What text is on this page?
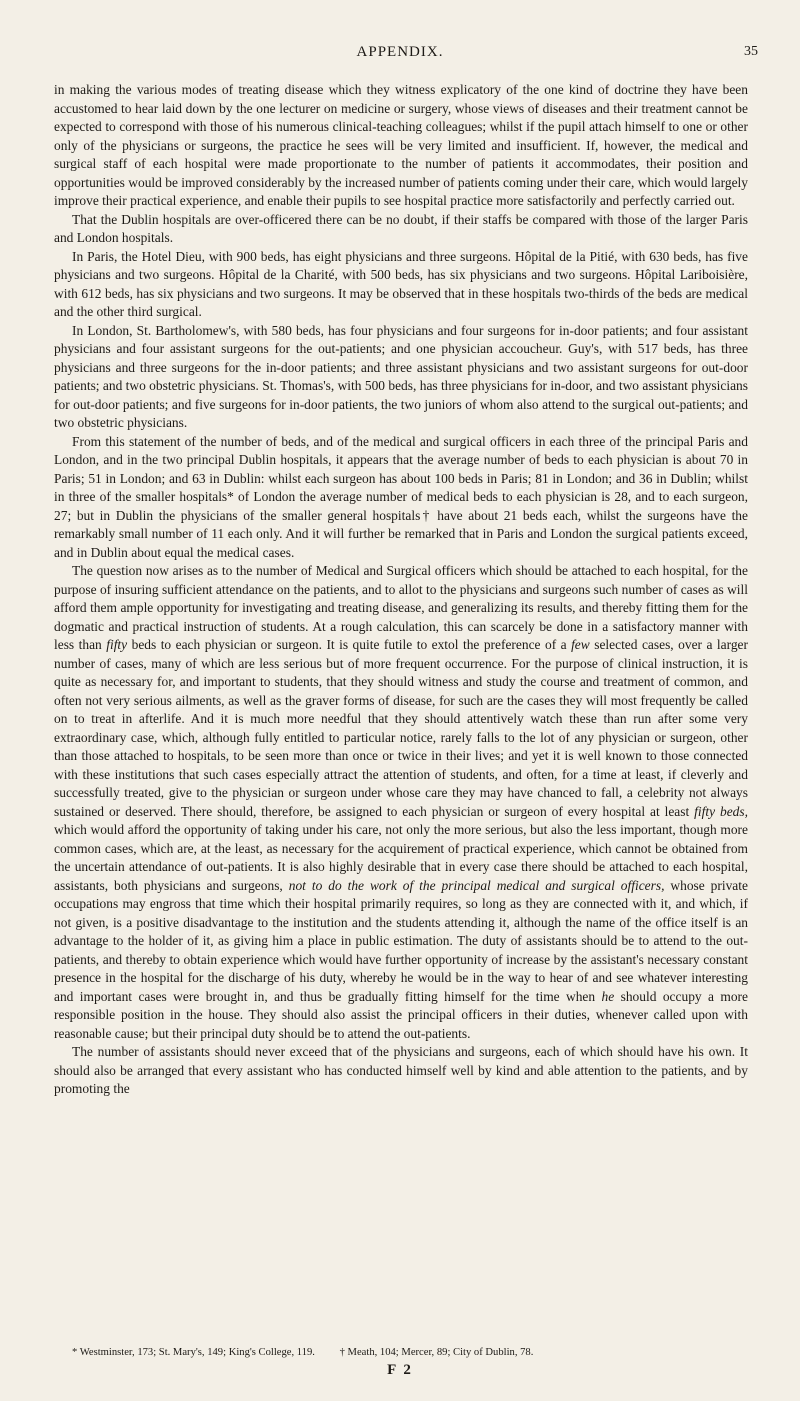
APPENDIX.	35

in making the various modes of treating disease which they witness explicatory of the one kind of doctrine they have been accustomed to hear laid down by the one lecturer on medicine or surgery, whose views of diseases and their treatment cannot be expected to correspond with those of his numerous clinical-teaching colleagues; whilst if the pupil attach himself to one or other only of the physicians or surgeons, the practice he sees will be very limited and insufficient. If, however, the medical and surgical staff of each hospital were made proportionate to the number of patients it accommodates, their position and opportunities would be improved considerably by the increased number of patients coming under their care, which would largely improve their practical experience, and enable their pupils to see hospital practice more satisfactorily and perfectly carried out.

That the Dublin hospitals are over-officered there can be no doubt, if their staffs be compared with those of the larger Paris and London hospitals.

In Paris, the Hotel Dieu, with 900 beds, has eight physicians and three surgeons. Hôpital de la Pitié, with 630 beds, has five physicians and two surgeons. Hôpital de la Charité, with 500 beds, has six physicians and two surgeons. Hôpital Lariboisière, with 612 beds, has six physicians and two surgeons. It may be observed that in these hospitals two-thirds of the beds are medical and the other third surgical.

In London, St. Bartholomew's, with 580 beds, has four physicians and four surgeons for in-door patients; and four assistant physicians and four assistant surgeons for the out-patients; and one physician accoucheur. Guy's, with 517 beds, has three physicians and three surgeons for the in-door patients; and three assistant physicians and two assistant surgeons for out-door patients; and two obstetric physicians. St. Thomas's, with 500 beds, has three physicians for in-door, and two assistant physicians for out-door patients; and five surgeons for in-door patients, the two juniors of whom also attend to the surgical out-patients; and two obstetric physicians.

From this statement of the number of beds, and of the medical and surgical officers in each three of the principal Paris and London, and in the two principal Dublin hospitals, it appears that the average number of beds to each physician is about 70 in Paris; 51 in London; and 63 in Dublin: whilst each surgeon has about 100 beds in Paris; 81 in London; and 36 in Dublin; whilst in three of the smaller hospitals* of London the average number of medical beds to each physician is 28, and to each surgeon, 27; but in Dublin the physicians of the smaller general hospitals† have about 21 beds each, whilst the surgeons have the remarkably small number of 11 each only. And it will further be remarked that in Paris and London the surgical patients exceed, and in Dublin about equal the medical cases.

The question now arises as to the number of Medical and Surgical officers which should be attached to each hospital, for the purpose of insuring sufficient attendance on the patients, and to allot to the physicians and surgeons such number of cases as will afford them ample opportunity for investigating and treating disease, and generalizing its results, and thereby fitting them for the dogmatic and practical instruction of students. At a rough calculation, this can scarcely be done in a satisfactory manner with less than fifty beds to each physician or surgeon. It is quite futile to extol the preference of a few selected cases, over a larger number of cases, many of which are less serious but of more frequent occurrence. For the purpose of clinical instruction, it is quite as necessary for, and important to students, that they should witness and study the course and treatment of common, and often not very serious ailments, as well as the graver forms of disease, for such are the cases they will most frequently be called on to treat in afterlife. And it is much more needful that they should attentively watch these than run after some very extraordinary case, which, although fully entitled to particular notice, rarely falls to the lot of any physician or surgeon, other than those attached to hospitals, to be seen more than once or twice in their lives; and yet it is well known to those connected with these institutions that such cases especially attract the attention of students, and often, for a time at least, if cleverly and successfully treated, give to the physician or surgeon under whose care they may have chanced to fall, a celebrity not always sustained or deserved. There should, therefore, be assigned to each physician or surgeon of every hospital at least fifty beds, which would afford the opportunity of taking under his care, not only the more serious, but also the less important, though more common cases, which are, at the least, as necessary for the acquirement of practical experience, which cannot be obtained from the uncertain attendance of out-patients. It is also highly desirable that in every case there should be attached to each hospital, assistants, both physicians and surgeons, not to do the work of the principal medical and surgical officers, whose private occupations may engross that time which their hospital primarily requires, so long as they are connected with it, and which, if not given, is a positive disadvantage to the institution and the students attending it, although the name of the office itself is an advantage to the holder of it, as giving him a place in public estimation. The duty of assistants should be to attend to the out-patients, and thereby to obtain experience which would have further opportunity of increase by the assistant's necessary constant presence in the hospital for the discharge of his duty, whereby he would be in the way to hear of and see whatever interesting and important cases were brought in, and thus be gradually fitting himself for the time when he should occupy a more responsible position in the house. They should also assist the principal officers in their duties, whenever called upon with reasonable cause; but their principal duty should be to attend the out-patients.

The number of assistants should never exceed that of the physicians and surgeons, each of which should have his own. It should also be arranged that every assistant who has conducted himself well by kind and able attention to the patients, and by promoting the

* Westminster, 173; St. Mary's, 149; King's College, 119. † Meath, 104; Mercer, 89; City of Dublin, 78.
F 2
